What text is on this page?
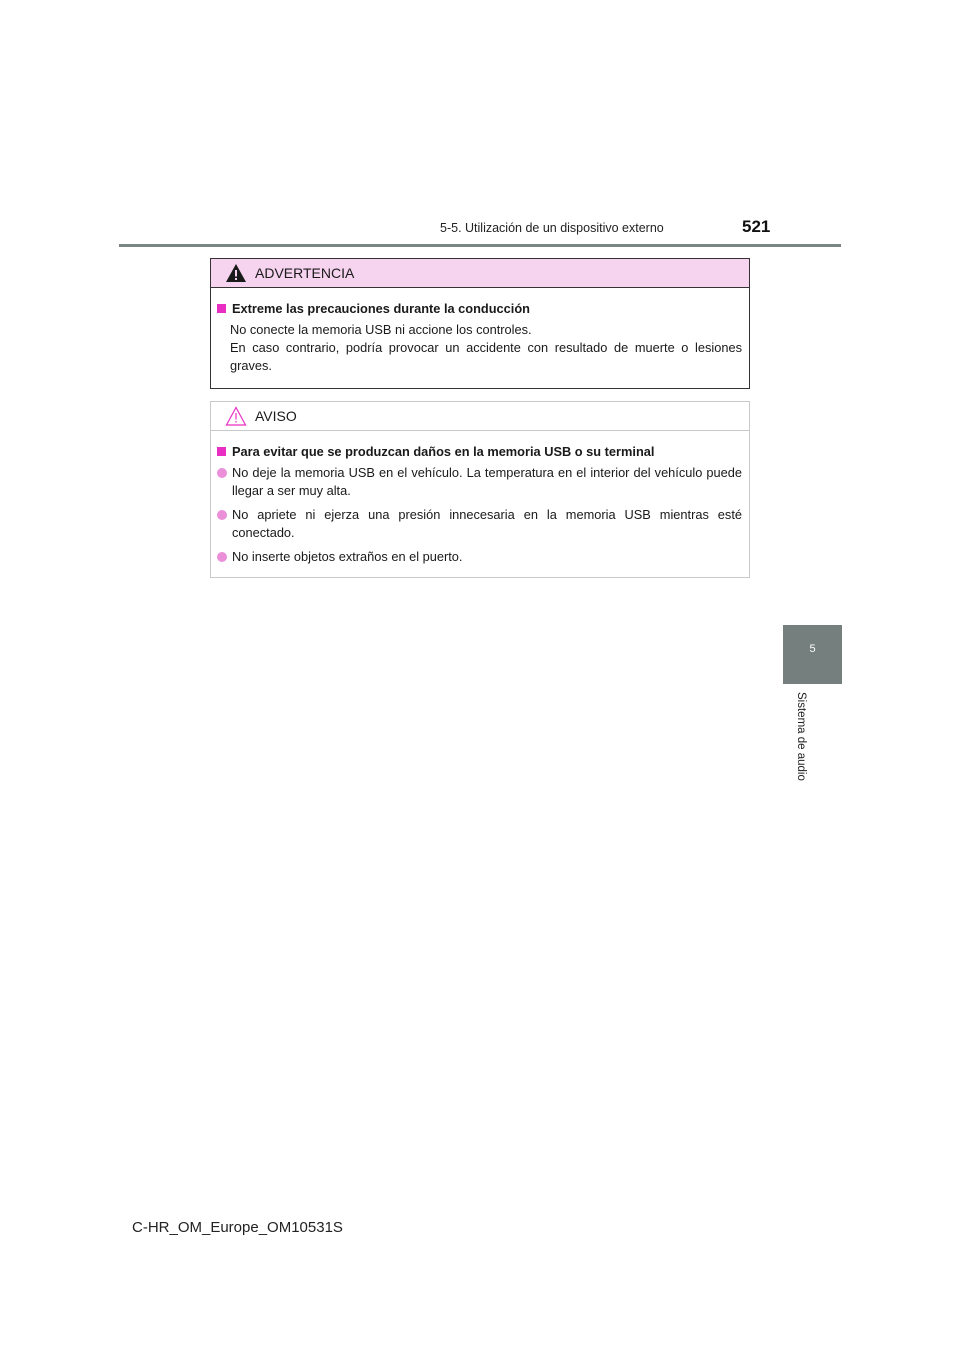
5-5. Utilización de un dispositivo externo	521
5
Sistema de audio
ADVERTENCIA
Extreme las precauciones durante la conducción
No conecte la memoria USB ni accione los controles.
En caso contrario, podría provocar un accidente con resultado de muerte o lesiones graves.
AVISO
Para evitar que se produzcan daños en la memoria USB o su terminal
No deje la memoria USB en el vehículo. La temperatura en el interior del vehículo puede llegar a ser muy alta.
No apriete ni ejerza una presión innecesaria en la memoria USB mientras esté conectado.
No inserte objetos extraños en el puerto.
C-HR_OM_Europe_OM10531S
